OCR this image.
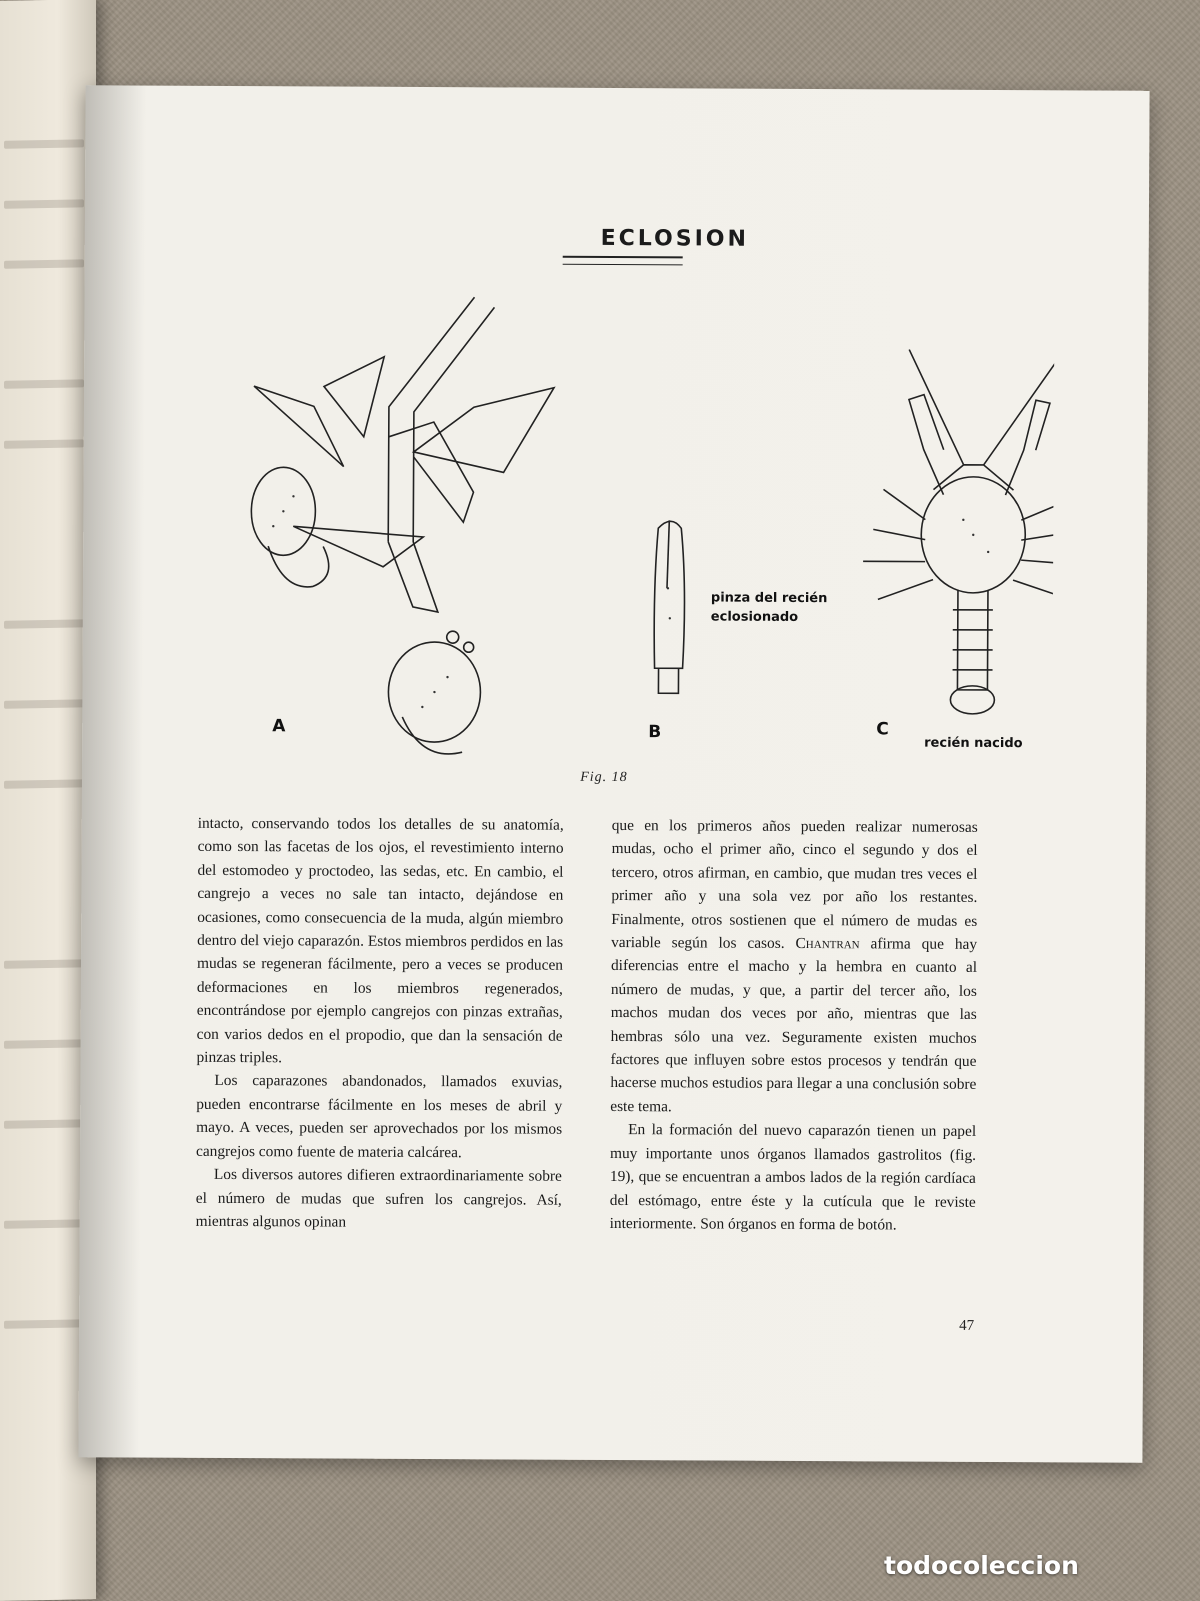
ECLOSION
A	B	C
pinza del recién
eclosionado
recién nacido
Fig. 18

intacto, conservando todos los detalles de su anatomía, como son las facetas de los ojos, el revestimiento interno del estomodeo y proctodeo, las sedas, etc. En cambio, el cangrejo a veces no sale tan intacto, dejándose en ocasiones, como consecuencia de la muda, algún miembro dentro del viejo caparazón. Estos miembros perdidos en las mudas se regeneran fácilmente, pero a veces se producen deformaciones en los miembros regenerados, encontrándose por ejemplo cangrejos con pinzas extrañas, con varios dedos en el propodio, que dan la sensación de pinzas triples.

Los caparazones abandonados, llamados exuvias, pueden encontrarse fácilmente en los meses de abril y mayo. A veces, pueden ser aprovechados por los mismos cangrejos como fuente de materia calcárea.

Los diversos autores difieren extraordinariamente sobre el número de mudas que sufren los cangrejos. Así, mientras algunos opinan

que en los primeros años pueden realizar numerosas mudas, ocho el primer año, cinco el segundo y dos el tercero, otros afirman, en cambio, que mudan tres veces el primer año y una sola vez por año los restantes. Finalmente, otros sostienen que el número de mudas es variable según los casos. Chantran afirma que hay diferencias entre el macho y la hembra en cuanto al número de mudas, y que, a partir del tercer año, los machos mudan dos veces por año, mientras que las hembras sólo una vez. Seguramente existen muchos factores que influyen sobre estos procesos y tendrán que hacerse muchos estudios para llegar a una conclusión sobre este tema.

En la formación del nuevo caparazón tienen un papel muy importante unos órganos llamados gastrolitos (fig. 19), que se encuentran a ambos lados de la región cardíaca del estómago, entre éste y la cutícula que le reviste interiormente. Son órganos en forma de botón.

47
todocoleccion
